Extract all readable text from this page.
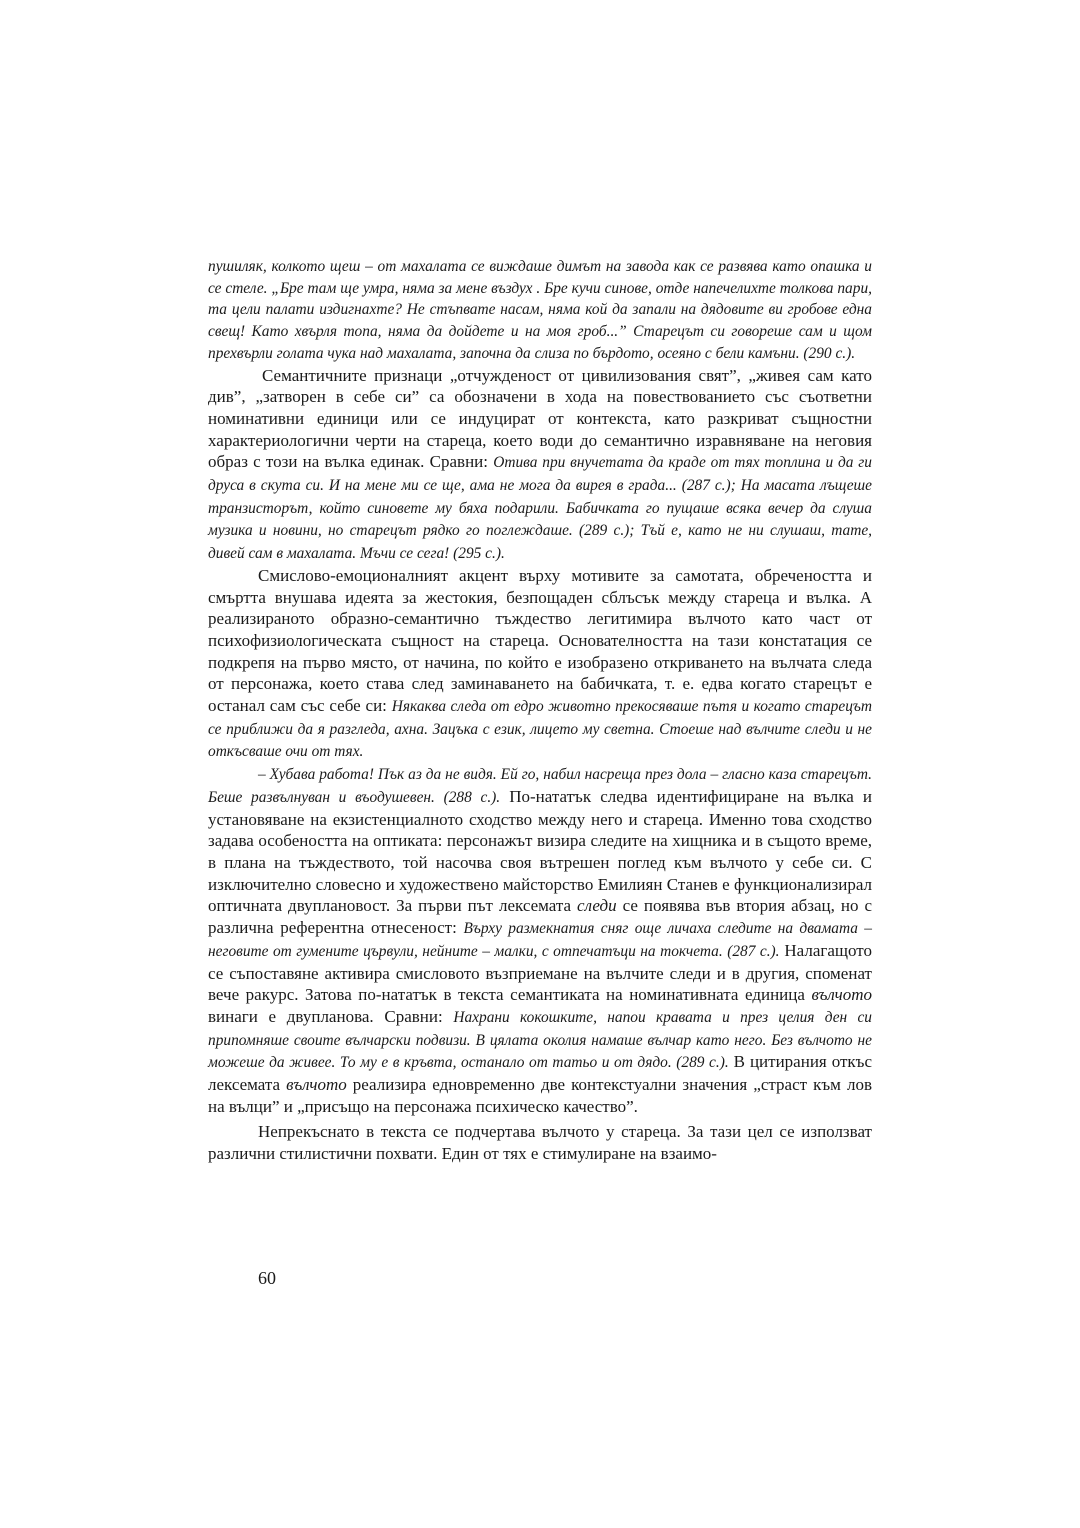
пушиляк, колкото щеш – от махалата се виждаше димът на завода как се развява като опашка и се стеле. „Бре там ще умра, няма за мене въздух . Бре кучи синове, отде напечелихте толкова пари, та цели палати издигнахте? Не стъпвате насам, няма кой да запали на дядовите ви гробове една свещ! Като хвърля топа, няма да дойдете и на моя гроб...” Старецът си говореше сам и щом прехвърли голата чука над махалата, започна да слиза по бърдото, осеяно с бели камъни. (290 с.).

Семантичните признаци „отчужденост от цивилизования свят”, „живея сам като див”, „затворен в себе си” са обозначени в хода на повествованието със съответни номинативни единици или се индуцират от контекста, като разкриват същностни характериологични черти на стареца, което води до семантично изравняване на неговия образ с този на вълка единак. Сравни: Отива при внучетата да краде от тях топлина и да ги друса в скута си. И на мене ми се ще, ама не мога да вирея в града... (287 с.); На масата лъщеше транзисторът, който синовете му бяха подарили. Бабичката го пущаше всяка вечер да слуша музика и новини, но старецът рядко го поглеждаше. (289 с.); Тъй е, като не ни слушаш, тате, дивей сам в махалата. Мъчи се сега! (295 с.).

Смислово-емоционалният акцент върху мотивите за самотата, обречеността и смъртта внушава идеята за жестокия, безпощаден сблъсък между стареца и вълка. А реализираното образно-семантично тъждество легитимира вълчото като част от психофизиологическата същност на стареца. Основателността на тази констатация се подкрепя на първо място, от начина, по който е изобразено откриването на вълчата следа от персонажа, което става след заминаването на бабичката, т. е. едва когато старецът е останал сам със себе си: Някаква следа от едро животно прекосяваше пътя и когато старецът се приближи да я разгледа, ахна. Зацъка с език, лицето му светна. Стоеше над вълчите следи и не откъсваше очи от тях.

– Хубава работа! Пък аз да не видя. Ей го, набил насреща през дола – гласно каза старецът. Беше развълнуван и въодушевен. (288 с.). По-нататък следва идентифициране на вълка и установяване на екзистенциалното сходство между него и стареца. Именно това сходство задава особеността на оптиката: персонажът визира следите на хищника и в същото време, в плана на тъждеството, той насочва своя вътрешен поглед към вълчото у себе си. С изключително словесно и художествено майсторство Емилиян Станев е функционализирал оптичната двуплановост. За първи път лексемата следи се появява във втория абзац, но с различна референтна отнесеност: Върху размекнатия сняг още личаха следите на двамата – неговите от гумените цървули, нейните – малки, с отпечатъци на токчета. (287 с.). Налагащото се съпоставяне активира смисловото възприемане на вълчите следи и в другия, споменат вече ракурс. Затова по-нататък в текста семантиката на номинативната единица вълчото винаги е двупланова. Сравни: Нахрани кокошките, напои кравата и през целия ден си припомняше своите вълчарски подвизи. В цялата околия намаше вълчар като него. Без вълчото не можеше да живее. То му е в кръвта, останало от татьо и от дядо. (289 с.). В цитирания откъс лексемата вълчото реализира едновременно две контекстуални значения „страст към лов на вълци” и „присъщо на персонажа психическо качество”.

Непрекъснато в текста се подчертава вълчото у стареца. За тази цел се използват различни стилистични похвати. Един от тях е стимулиране на взаимо-

60
